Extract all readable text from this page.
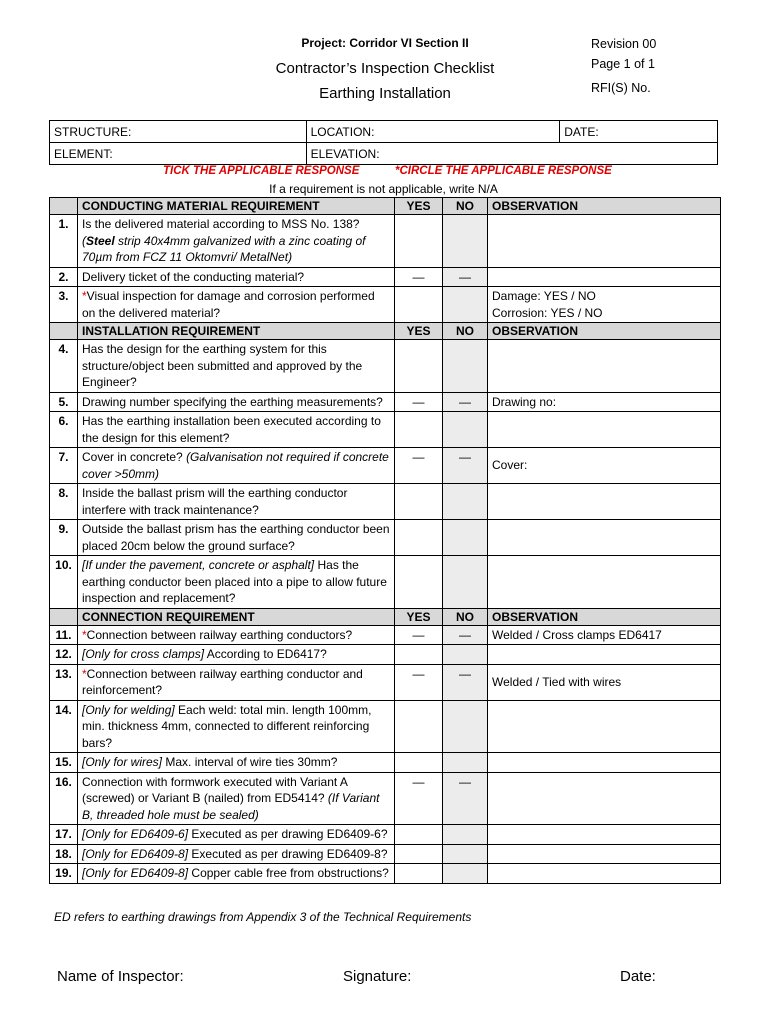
Project: Corridor VI Section II
Contractor’s Inspection Checklist
Earthing Installation
Revision 00
Page 1 of 1
RFI(S) No.
STRUCTURE:	LOCATION:	DATE:
ELEMENT:	ELEVATION:	
TICK THE APPLICABLE RESPONSE	*CIRCLE THE APPLICABLE RESPONSE
If a requirement is not applicable, write N/A
	CONDUCTING MATERIAL REQUIREMENT	YES	NO	OBSERVATION
1.	Is the delivered material according to MSS No. 138?
(Steel strip 40x4mm galvanized with a zinc coating of 70µm from FCZ 11 Oktomvri/ MetalNet)			
2.	Delivery ticket of the conducting material?	—	—	
3.	*Visual inspection for damage and corrosion performed on the delivered material?			Damage: YES / NO
Corrosion: YES / NO

	INSTALLATION REQUIREMENT	YES	NO	OBSERVATION
4.	Has the design for the earthing system for this structure/object been submitted and approved by the Engineer?			
5.	Drawing number specifying the earthing measurements?	—	—	Drawing no:
6.	Has the earthing installation been executed according to the design for this element?			
7.	Cover in concrete? (Galvanisation not required if concrete cover >50mm)	—	—	Cover:
8.	Inside the ballast prism will the earthing conductor interfere with track maintenance?			
9.	Outside the ballast prism has the earthing conductor been placed 20cm below the ground surface?			
10.	[If under the pavement, concrete or asphalt] Has the earthing conductor been placed into a pipe to allow future inspection and replacement?			
	CONNECTION REQUIREMENT	YES	NO	OBSERVATION
11.	*Connection between railway earthing conductors?	—	—	Welded / Cross clamps ED6417
12.	[Only for cross clamps] According to ED6417?			
13.	*Connection between railway earthing conductor and reinforcement?	—	—	Welded / Tied with wires
14.	[Only for welding] Each weld: total min. length 100mm, min. thickness 4mm, connected to different reinforcing bars?			
15.	[Only for wires] Max. interval of wire ties 30mm?			
16.	Connection with formwork executed with Variant A (screwed) or Variant B (nailed) from ED5414? (If Variant B, threaded hole must be sealed)	—	—	
17.	[Only for ED6409-6] Executed as per drawing ED6409-6?			
18.	[Only for ED6409-8] Executed as per drawing ED6409-8?			
19.	[Only for ED6409-8] Copper cable free from obstructions?			
ED refers to earthing drawings from Appendix 3 of the Technical Requirements
Name of Inspector:	Signature:	Date:
